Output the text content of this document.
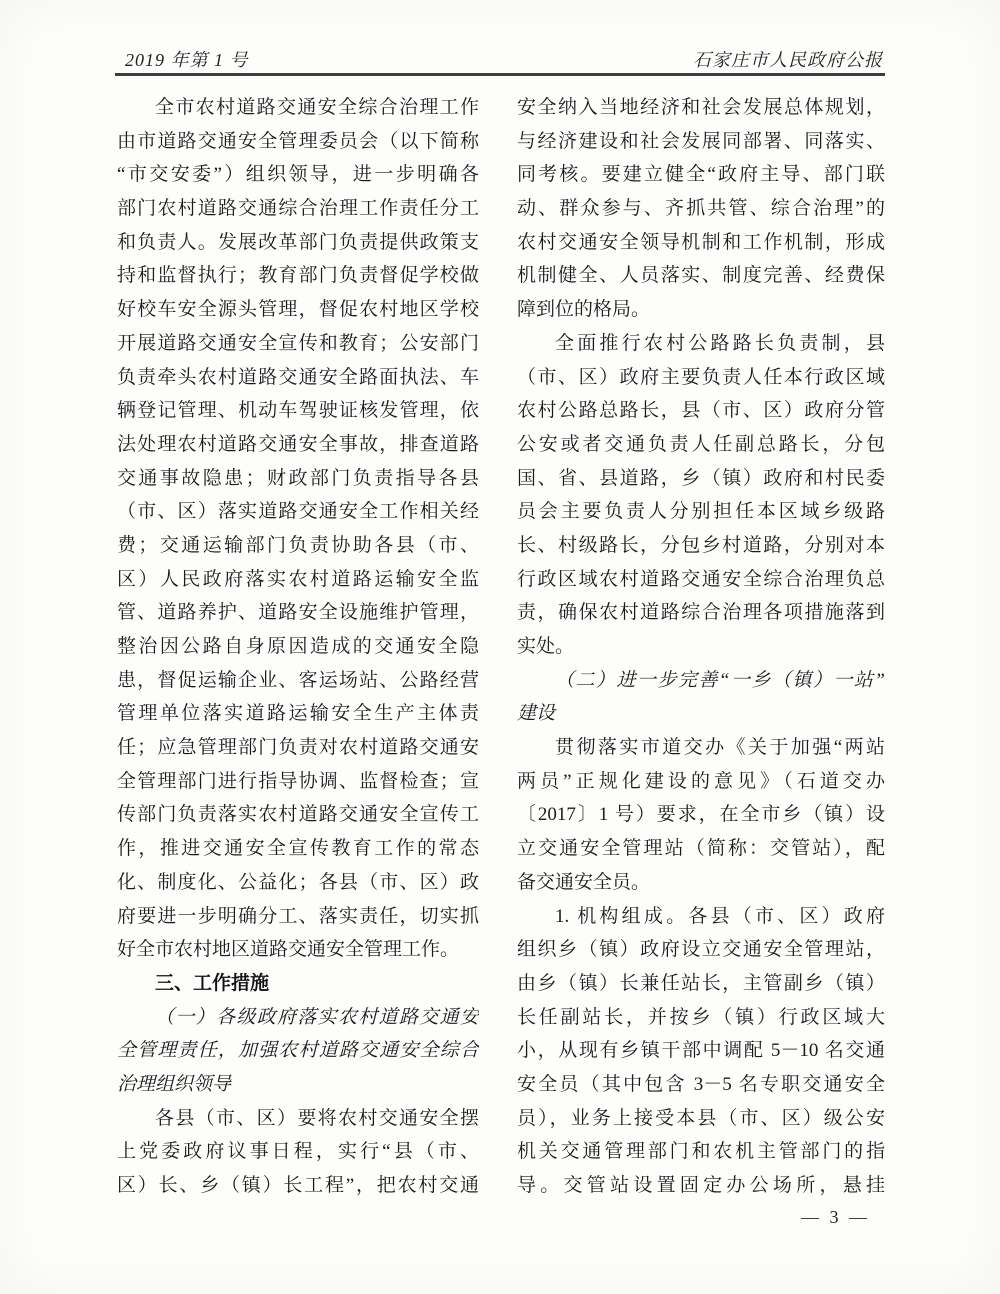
2019 年第 1 号	石家庄市人民政府公报
全市农村道路交通安全综合治理工作
由市道路交通安全管理委员会（以下简称
“市交安委”）组织领导，进一步明确各
部门农村道路交通综合治理工作责任分工
和负责人。发展改革部门负责提供政策支
持和监督执行；教育部门负责督促学校做
好校车安全源头管理，督促农村地区学校
开展道路交通安全宣传和教育；公安部门
负责牵头农村道路交通安全路面执法、车
辆登记管理、机动车驾驶证核发管理，依
法处理农村道路交通安全事故，排查道路
交通事故隐患；财政部门负责指导各县
（市、区）落实道路交通安全工作相关经
费；交通运输部门负责协助各县（市、
区）人民政府落实农村道路运输安全监
管、道路养护、道路安全设施维护管理，
整治因公路自身原因造成的交通安全隐
患，督促运输企业、客运场站、公路经营
管理单位落实道路运输安全生产主体责
任；应急管理部门负责对农村道路交通安
全管理部门进行指导协调、监督检查；宣
传部门负责落实农村道路交通安全宣传工
作，推进交通安全宣传教育工作的常态
化、制度化、公益化；各县（市、区）政
府要进一步明确分工、落实责任，切实抓
好全市农村地区道路交通安全管理工作。
三、工作措施
（一）各级政府落实农村道路交通安
全管理责任，加强农村道路交通安全综合
治理组织领导
各县（市、区）要将农村交通安全摆
上党委政府议事日程，实行“县（市、
区）长、乡（镇）长工程”，把农村交通
安全纳入当地经济和社会发展总体规划，
与经济建设和社会发展同部署、同落实、
同考核。要建立健全“政府主导、部门联
动、群众参与、齐抓共管、综合治理”的
农村交通安全领导机制和工作机制，形成
机制健全、人员落实、制度完善、经费保
障到位的格局。
全面推行农村公路路长负责制，县
（市、区）政府主要负责人任本行政区域
农村公路总路长，县（市、区）政府分管
公安或者交通负责人任副总路长，分包
国、省、县道路，乡（镇）政府和村民委
员会主要负责人分别担任本区域乡级路
长、村级路长，分包乡村道路，分别对本
行政区域农村道路交通安全综合治理负总
责，确保农村道路综合治理各项措施落到
实处。
（二）进一步完善“一乡（镇）一站”
建设
贯彻落实市道交办《关于加强“两站
两员”正规化建设的意见》（石道交办
〔2017〕1 号）要求，在全市乡（镇）设
立交通安全管理站（简称：交管站），配
备交通安全员。
1. 机构组成。各县（市、区）政府
组织乡（镇）政府设立交通安全管理站，
由乡（镇）长兼任站长，主管副乡（镇）
长任副站长，并按乡（镇）行政区域大
小，从现有乡镇干部中调配 5－10 名交通
安全员（其中包含 3－5 名专职交通安全
员），业务上接受本县（市、区）级公安
机关交通管理部门和农机主管部门的指
导。交管站设置固定办公场所，悬挂
— 3 —
